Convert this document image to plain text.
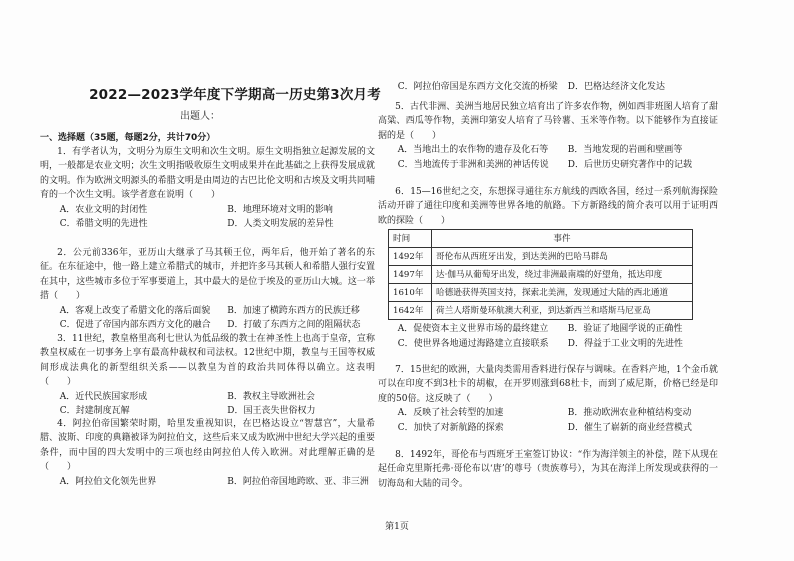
2022—2023学年度下学期高一历史第3次月考
出题人：
一、选择题（35题，每题2分，共计70分）

1．有学者认为，文明分为原生文明和次生文明。原生文明指独立起源发展的文明，一般都是农业文明；次生文明指吸收原生文明成果并在此基础之上获得发展成就的文明。作为欧洲文明源头的希腊文明是由周边的古巴比伦文明和古埃及文明共同哺育的一个次生文明。该学者意在说明（　　）

A．农业文明的封闭性	B．地理环境对文明的影响
C．希腊文明的先进性	D．人类文明发展的差异性

2．公元前336年，亚历山大继承了马其顿王位，两年后，他开始了著名的东征。在东征途中，他一路上建立希腊式的城市，并把许多马其顿人和希腊人强行安置在其中，这些城市多位于军事要道上，其中最大的是位于埃及的亚历山大城。这一举措（　　）

A．客观上改变了希腊文化的落后面貌	B．加速了横跨东西方的民族迁移
C．促进了帝国内部东西方文化的融合	D．打破了东西方之间的阻隔状态

3．11世纪，教皇格里高利七世认为低品级的教士在神圣性上也高于皇帝，宣称教皇权威在一切事务上享有最高仲裁权和司法权。12世纪中期，教皇与王国等权威间形成法典化的新型组织关系——以教皇为首的政治共同体得以确立。这表明（　　）

A．近代民族国家形成	B．教权主导欧洲社会
C．封建制度瓦解	D．国王丧失世俗权力

4．阿拉伯帝国繁荣时期，哈里发重视知识，在巴格达设立“智慧宫”，大量希腊、波斯、印度的典籍被译为阿拉伯文，这些后来又成为欧洲中世纪大学兴起的重要条件，而中国的四大发明中的三项也经由阿拉伯人传入欧洲。对此理解正确的是（　　）

A．阿拉伯文化领先世界	B．阿拉伯帝国地跨欧、亚、非三洲
C．阿拉伯帝国是东西方文化交流的桥梁	D．巴格达经济文化发达

5．古代非洲、美洲当地居民独立培育出了许多农作物，例如西非班图人培育了甜高粱、西瓜等作物，美洲印第安人培育了马铃薯、玉米等作物。以下能够作为直接证据的是（　　）

A．当地出土的农作物的遗存及化石等	B．当地发现的岩画和壁画等
C．当地流传于非洲和美洲的神话传说	D．后世历史研究著作中的记载

6．15—16世纪之交，东想探寻通往东方航线的西欧各国，经过一系列航海探险活动开辟了通往印度和美洲等世界各地的航路。下方新路线的简介表可以用于证明西欧的探险（　　）

时间	事件
1492年	哥伦布从西班牙出发，到达美洲的巴哈马群岛
1497年	达·伽马从葡萄牙出发，绕过非洲最南端的好望角，抵达印度
1610年	哈德逊获得英国支持，探索北美洲，发现通过大陆的西北通道
1642年	荷兰人塔斯曼环航澳大利亚，到达新西兰和塔斯马尼亚岛
A．促使资本主义世界市场的最终建立	B．验证了地圆学说的正确性
C．使世界各地通过海路建立直接联系	D．得益于工业文明的先进性

7．15世纪的欧洲，大量肉类需用香料进行保存与调味。在香料产地，1个金币就可以在印度不到3杜卡的胡椒，在开罗则涨到68杜卡，而到了威尼斯，价格已经是印度的50倍。这反映了（　　）

A．反映了社会转型的加速	B．推动欧洲农业种植结构变动
C．加快了对新航路的探索	D．催生了崭新的商业经营模式

8．1492年，哥伦布与西班牙王室签订协议：“作为海洋领主的补偿，陛下从现在起任命克里斯托弗·哥伦布以‘唐’的尊号（贵族尊号），为其在海洋上所发现或获得的一切海岛和大陆的司令。

第1页
